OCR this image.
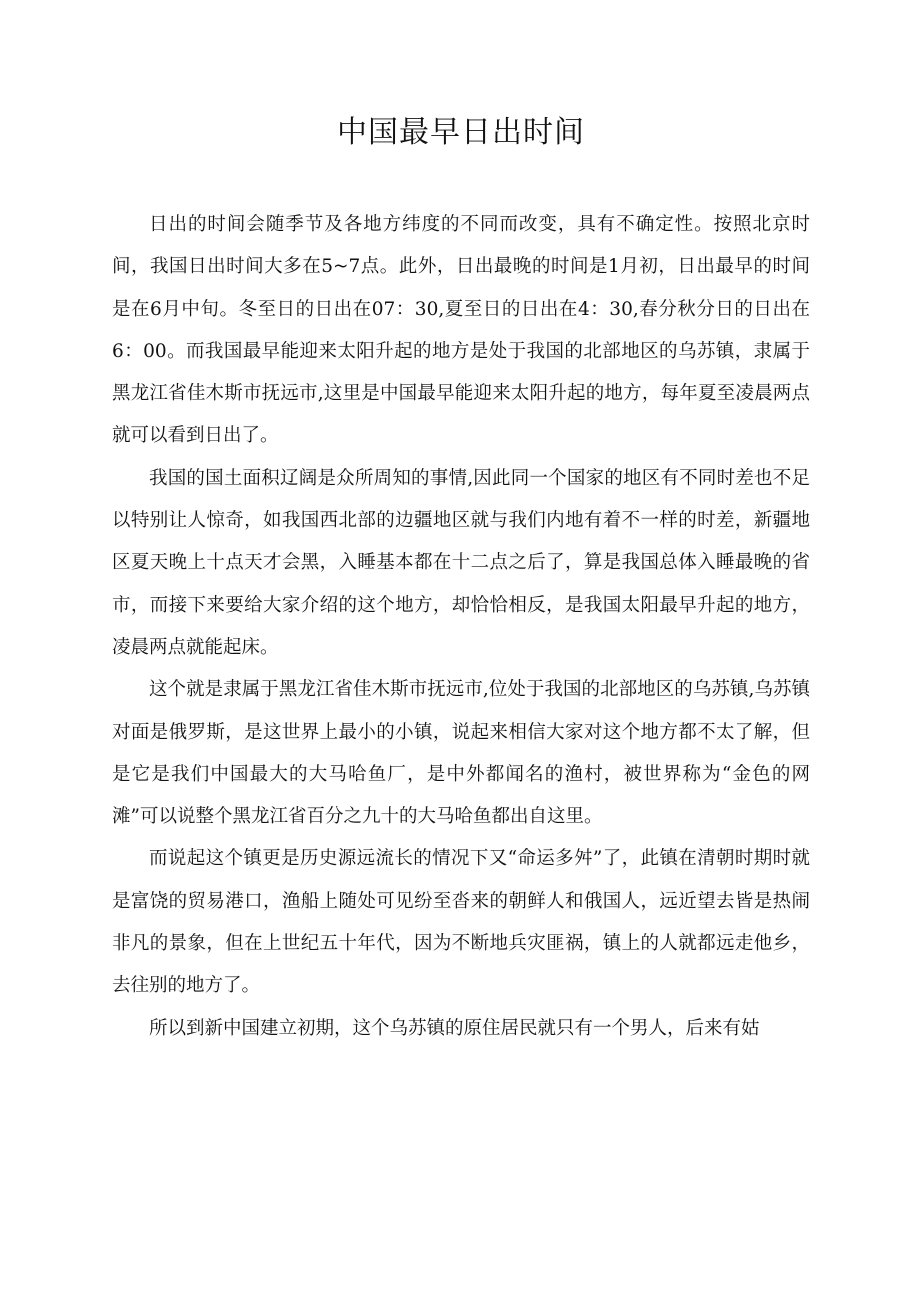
中国最早日出时间

日出的时间会随季节及各地方纬度的不同而改变，具有不确定性。按照北京时间，我国日出时间大多在5~7点。此外，日出最晚的时间是1月初，日出最早的时间是在6月中旬。冬至日的日出在07：30,夏至日的日出在4：30,春分秋分日的日出在6：00。而我国最早能迎来太阳升起的地方是处于我国的北部地区的乌苏镇，隶属于黑龙江省佳木斯市抚远市,这里是中国最早能迎来太阳升起的地方，每年夏至凌晨两点就可以看到日出了。

我国的国土面积辽阔是众所周知的事情,因此同一个国家的地区有不同时差也不足以特别让人惊奇，如我国西北部的边疆地区就与我们内地有着不一样的时差，新疆地区夏天晚上十点天才会黑，入睡基本都在十二点之后了，算是我国总体入睡最晚的省市，而接下来要给大家介绍的这个地方，却恰恰相反，是我国太阳最早升起的地方，凌晨两点就能起床。

这个就是隶属于黑龙江省佳木斯市抚远市,位处于我国的北部地区的乌苏镇,乌苏镇对面是俄罗斯，是这世界上最小的小镇，说起来相信大家对这个地方都不太了解，但是它是我们中国最大的大马哈鱼厂，是中外都闻名的渔村，被世界称为“金色的网滩”可以说整个黑龙江省百分之九十的大马哈鱼都出自这里。

而说起这个镇更是历史源远流长的情况下又“命运多舛”了，此镇在清朝时期时就是富饶的贸易港口，渔船上随处可见纷至沓来的朝鲜人和俄国人，远近望去皆是热闹非凡的景象，但在上世纪五十年代，因为不断地兵灾匪祸，镇上的人就都远走他乡，去往别的地方了。

所以到新中国建立初期，这个乌苏镇的原住居民就只有一个男人，后来有姑
